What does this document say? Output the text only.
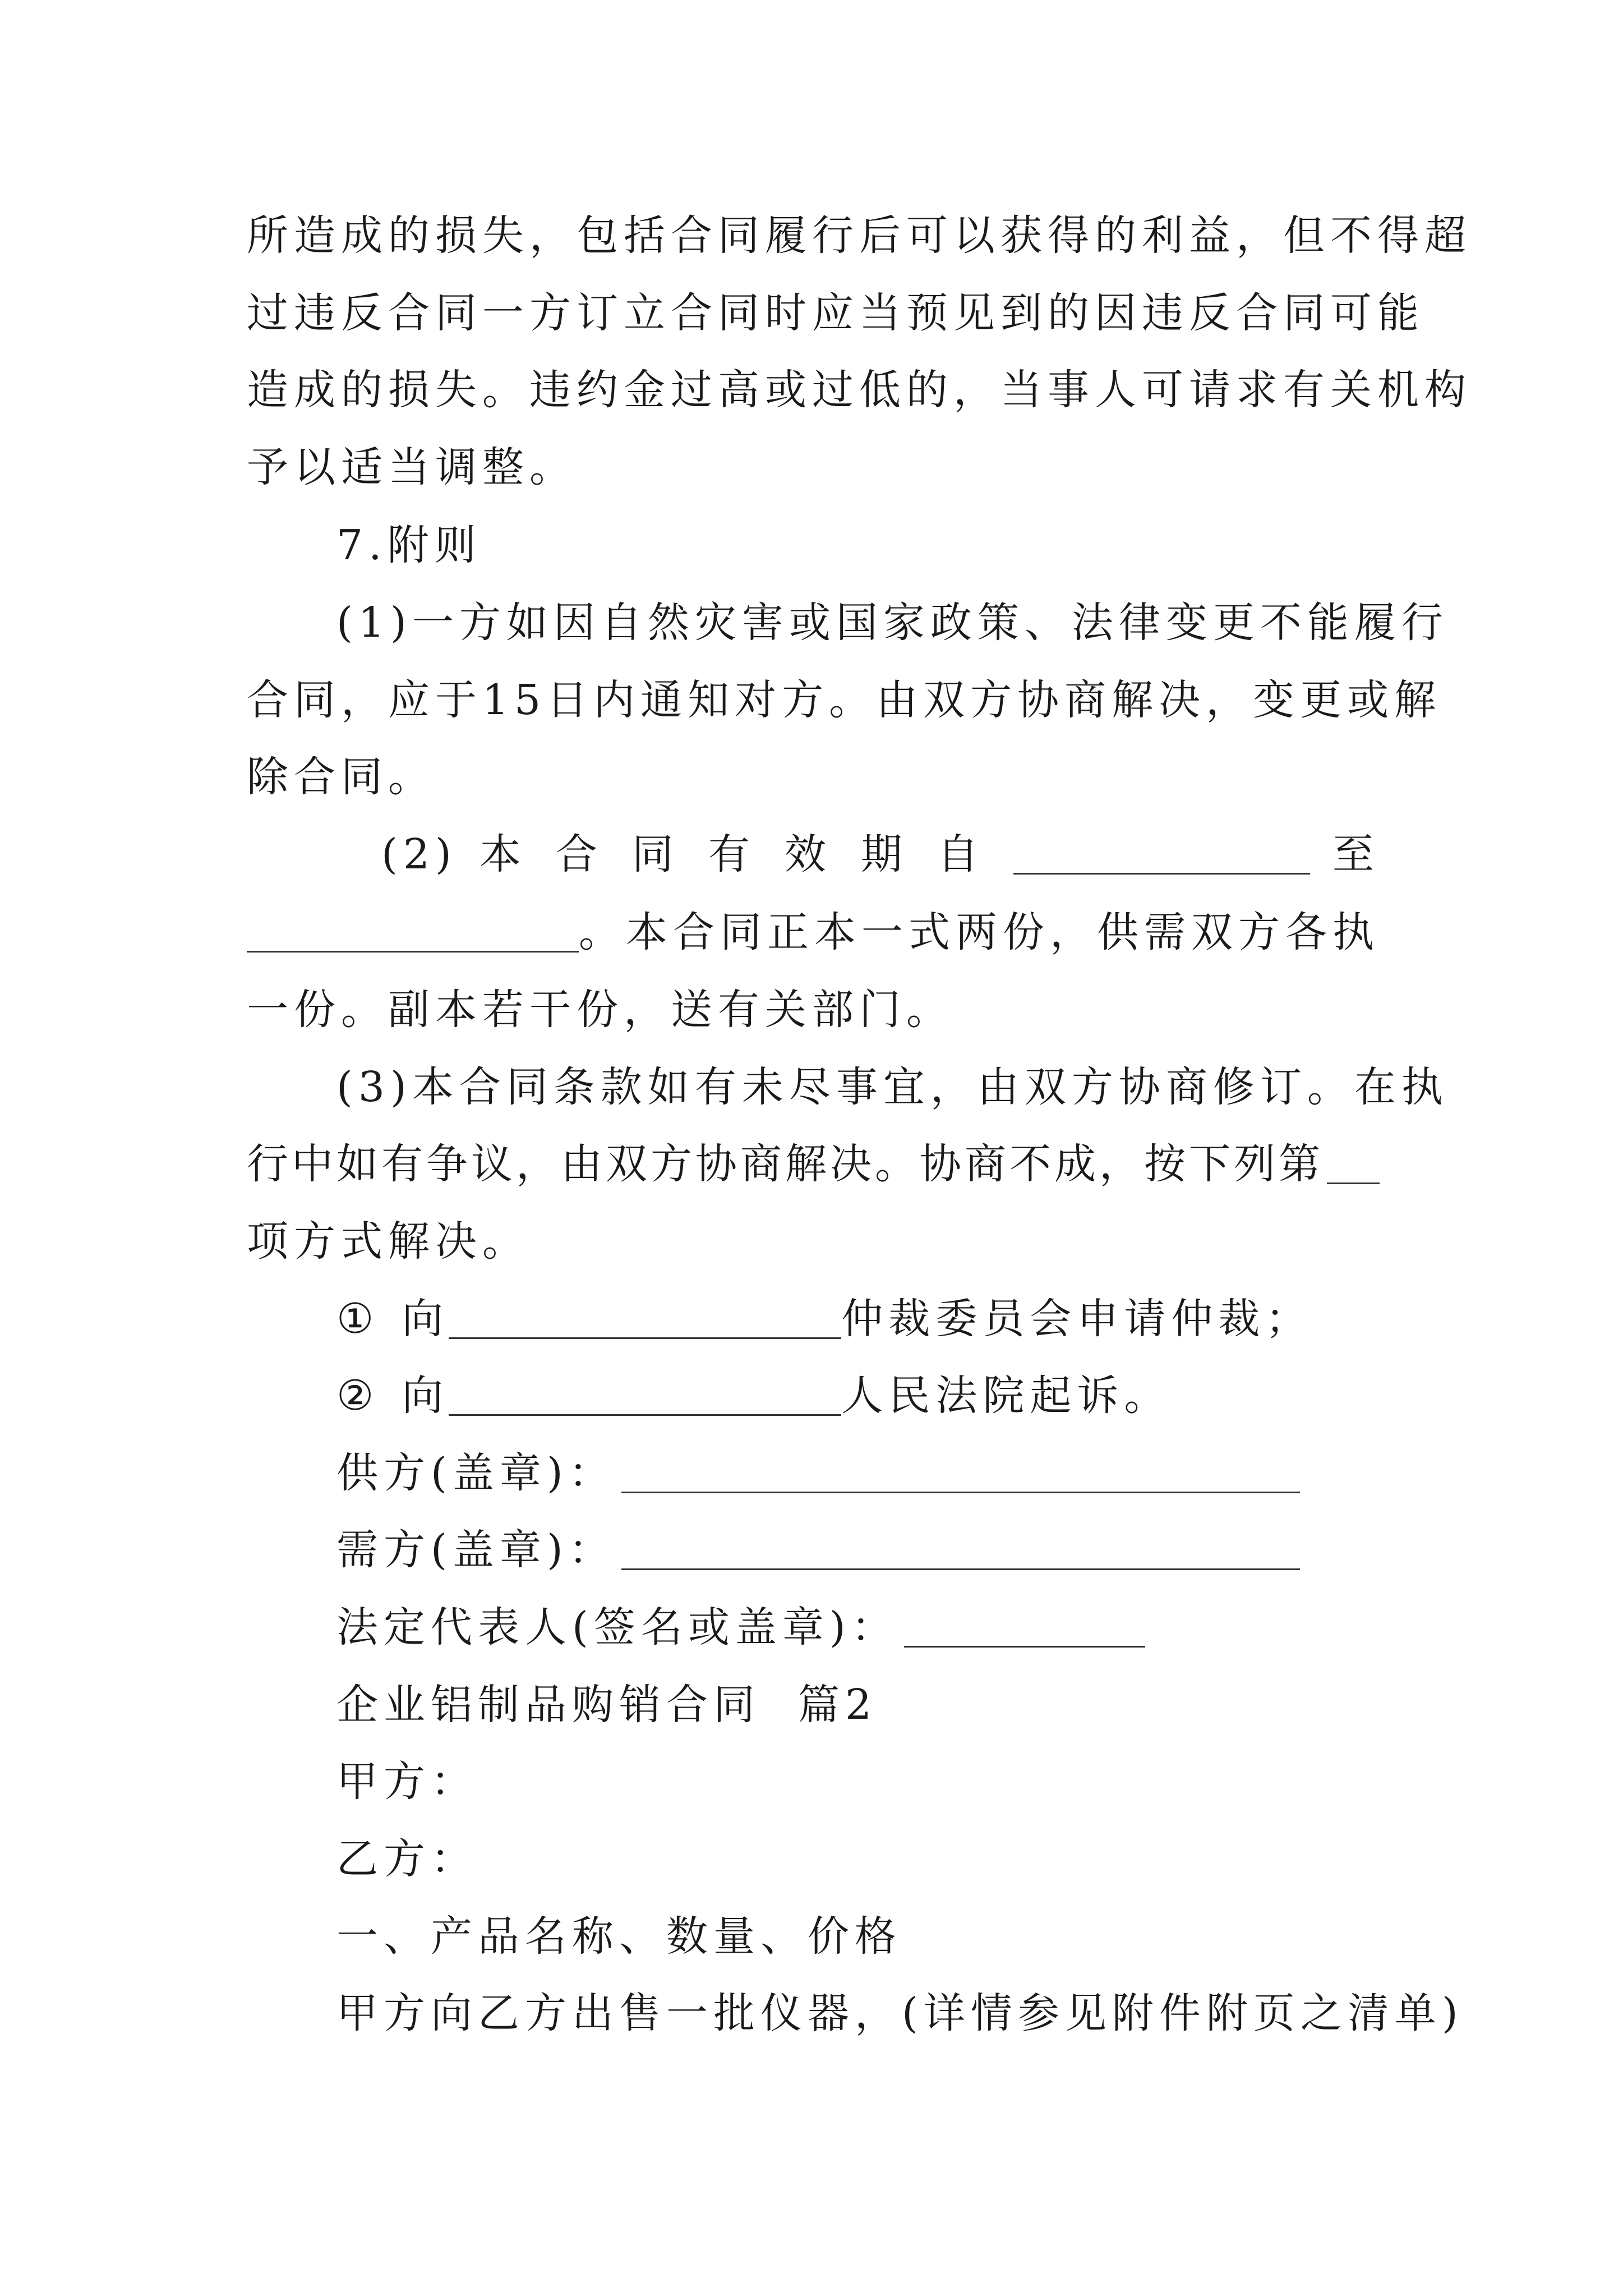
所造成的损失，包括合同履行后可以获得的利益，但不得超
过违反合同一方订立合同时应当预见到的因违反合同可能
造成的损失。违约金过高或过低的，当事人可请求有关机构
予以适当调整。
7.附则
(1)一方如因自然灾害或国家政策、法律变更不能履行
合同，应于15日内通知对方。由双方协商解决，变更或解
除合同。
(2) 本合同有效期自	至
。本合同正本一式两份，供需双方各执
一份。副本若干份，送有关部门。
(3)本合同条款如有未尽事宜，由双方协商修订。在执
行中如有争议，由双方协商解决。协商不成，按下列第
项方式解决。
① 向	仲裁委员会申请仲裁；
② 向	人民法院起诉。
供方(盖章)：
需方(盖章)：
法定代表人(签名或盖章)：
企业铝制品购销合同  篇2
甲方：
乙方：
一、产品名称、数量、价格
甲方向乙方出售一批仪器，(详情参见附件附页之清单)
